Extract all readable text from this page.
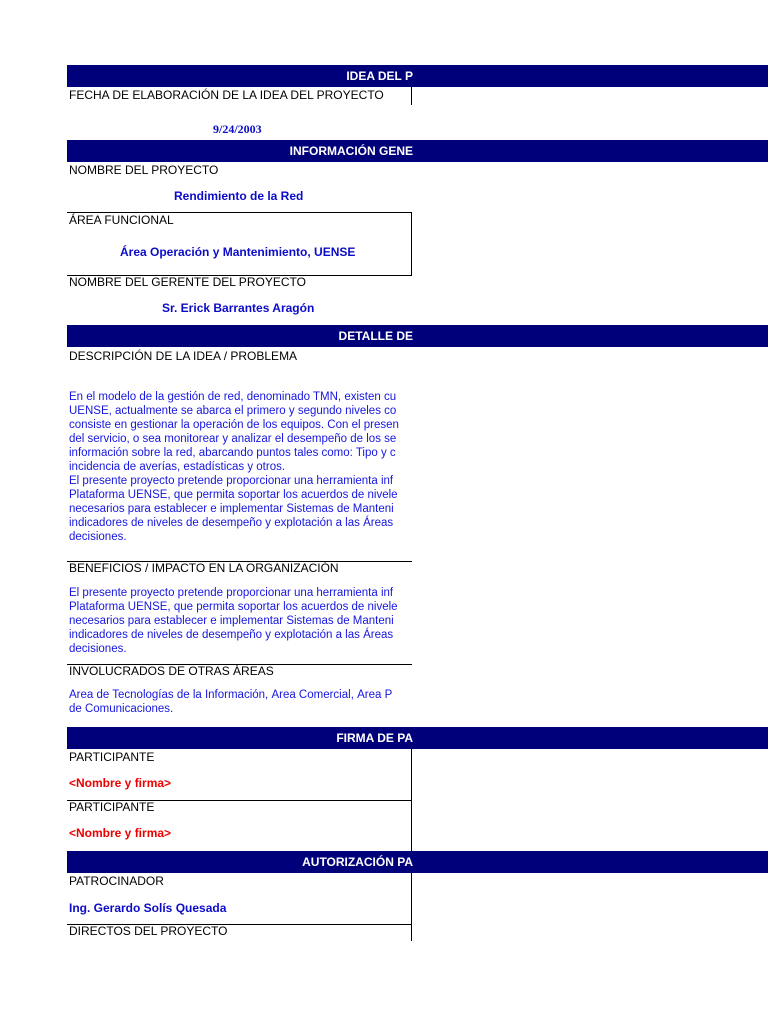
IDEA DEL P
FECHA DE ELABORACIÓN DE LA IDEA DEL PROYECTO
9/24/2003
INFORMACIÓN GENE
NOMBRE DEL PROYECTO
Rendimiento de la Red
ÁREA FUNCIONAL
Área Operación y Mantenimiento, UENSE
NOMBRE DEL GERENTE DEL PROYECTO
Sr. Erick Barrantes Aragón
DETALLE DE
DESCRIPCIÓN DE LA IDEA / PROBLEMA
En el modelo de la gestión de red, denominado TMN, existen cu
UENSE, actualmente se abarca el primero y segundo niveles co
consiste en gestionar la operación de los equipos. Con el presen
del servicio, o sea monitorear y analizar el desempeño de los se
información sobre la red, abarcando puntos tales como: Tipo y c
incidencia de averías, estadísticas y otros.
El presente proyecto pretende proporcionar una herramienta inf
Plataforma UENSE, que permita soportar los acuerdos de nivele
necesarios para establecer e implementar Sistemas de Manteni
indicadores de niveles de desempeño y explotación a las Áreas
decisiones.
BENEFICIOS / IMPACTO EN LA ORGANIZACIÓN
El presente proyecto pretende proporcionar una herramienta inf
Plataforma UENSE, que permita soportar los acuerdos de nivele
necesarios para establecer e implementar Sistemas de Manteni
indicadores de niveles de desempeño y explotación a las Áreas
decisiones.
INVOLUCRADOS DE OTRAS ÁREAS
Área de Tecnologías de la Información, Área Comercial, Área P
de Comunicaciones.
FIRMA DE PA
PARTICIPANTE
<Nombre y firma>
PARTICIPANTE
<Nombre y firma>
AUTORIZACIÓN PA
PATROCINADOR
Ing. Gerardo Solís Quesada
DIRECTOS DEL PROYECTO
